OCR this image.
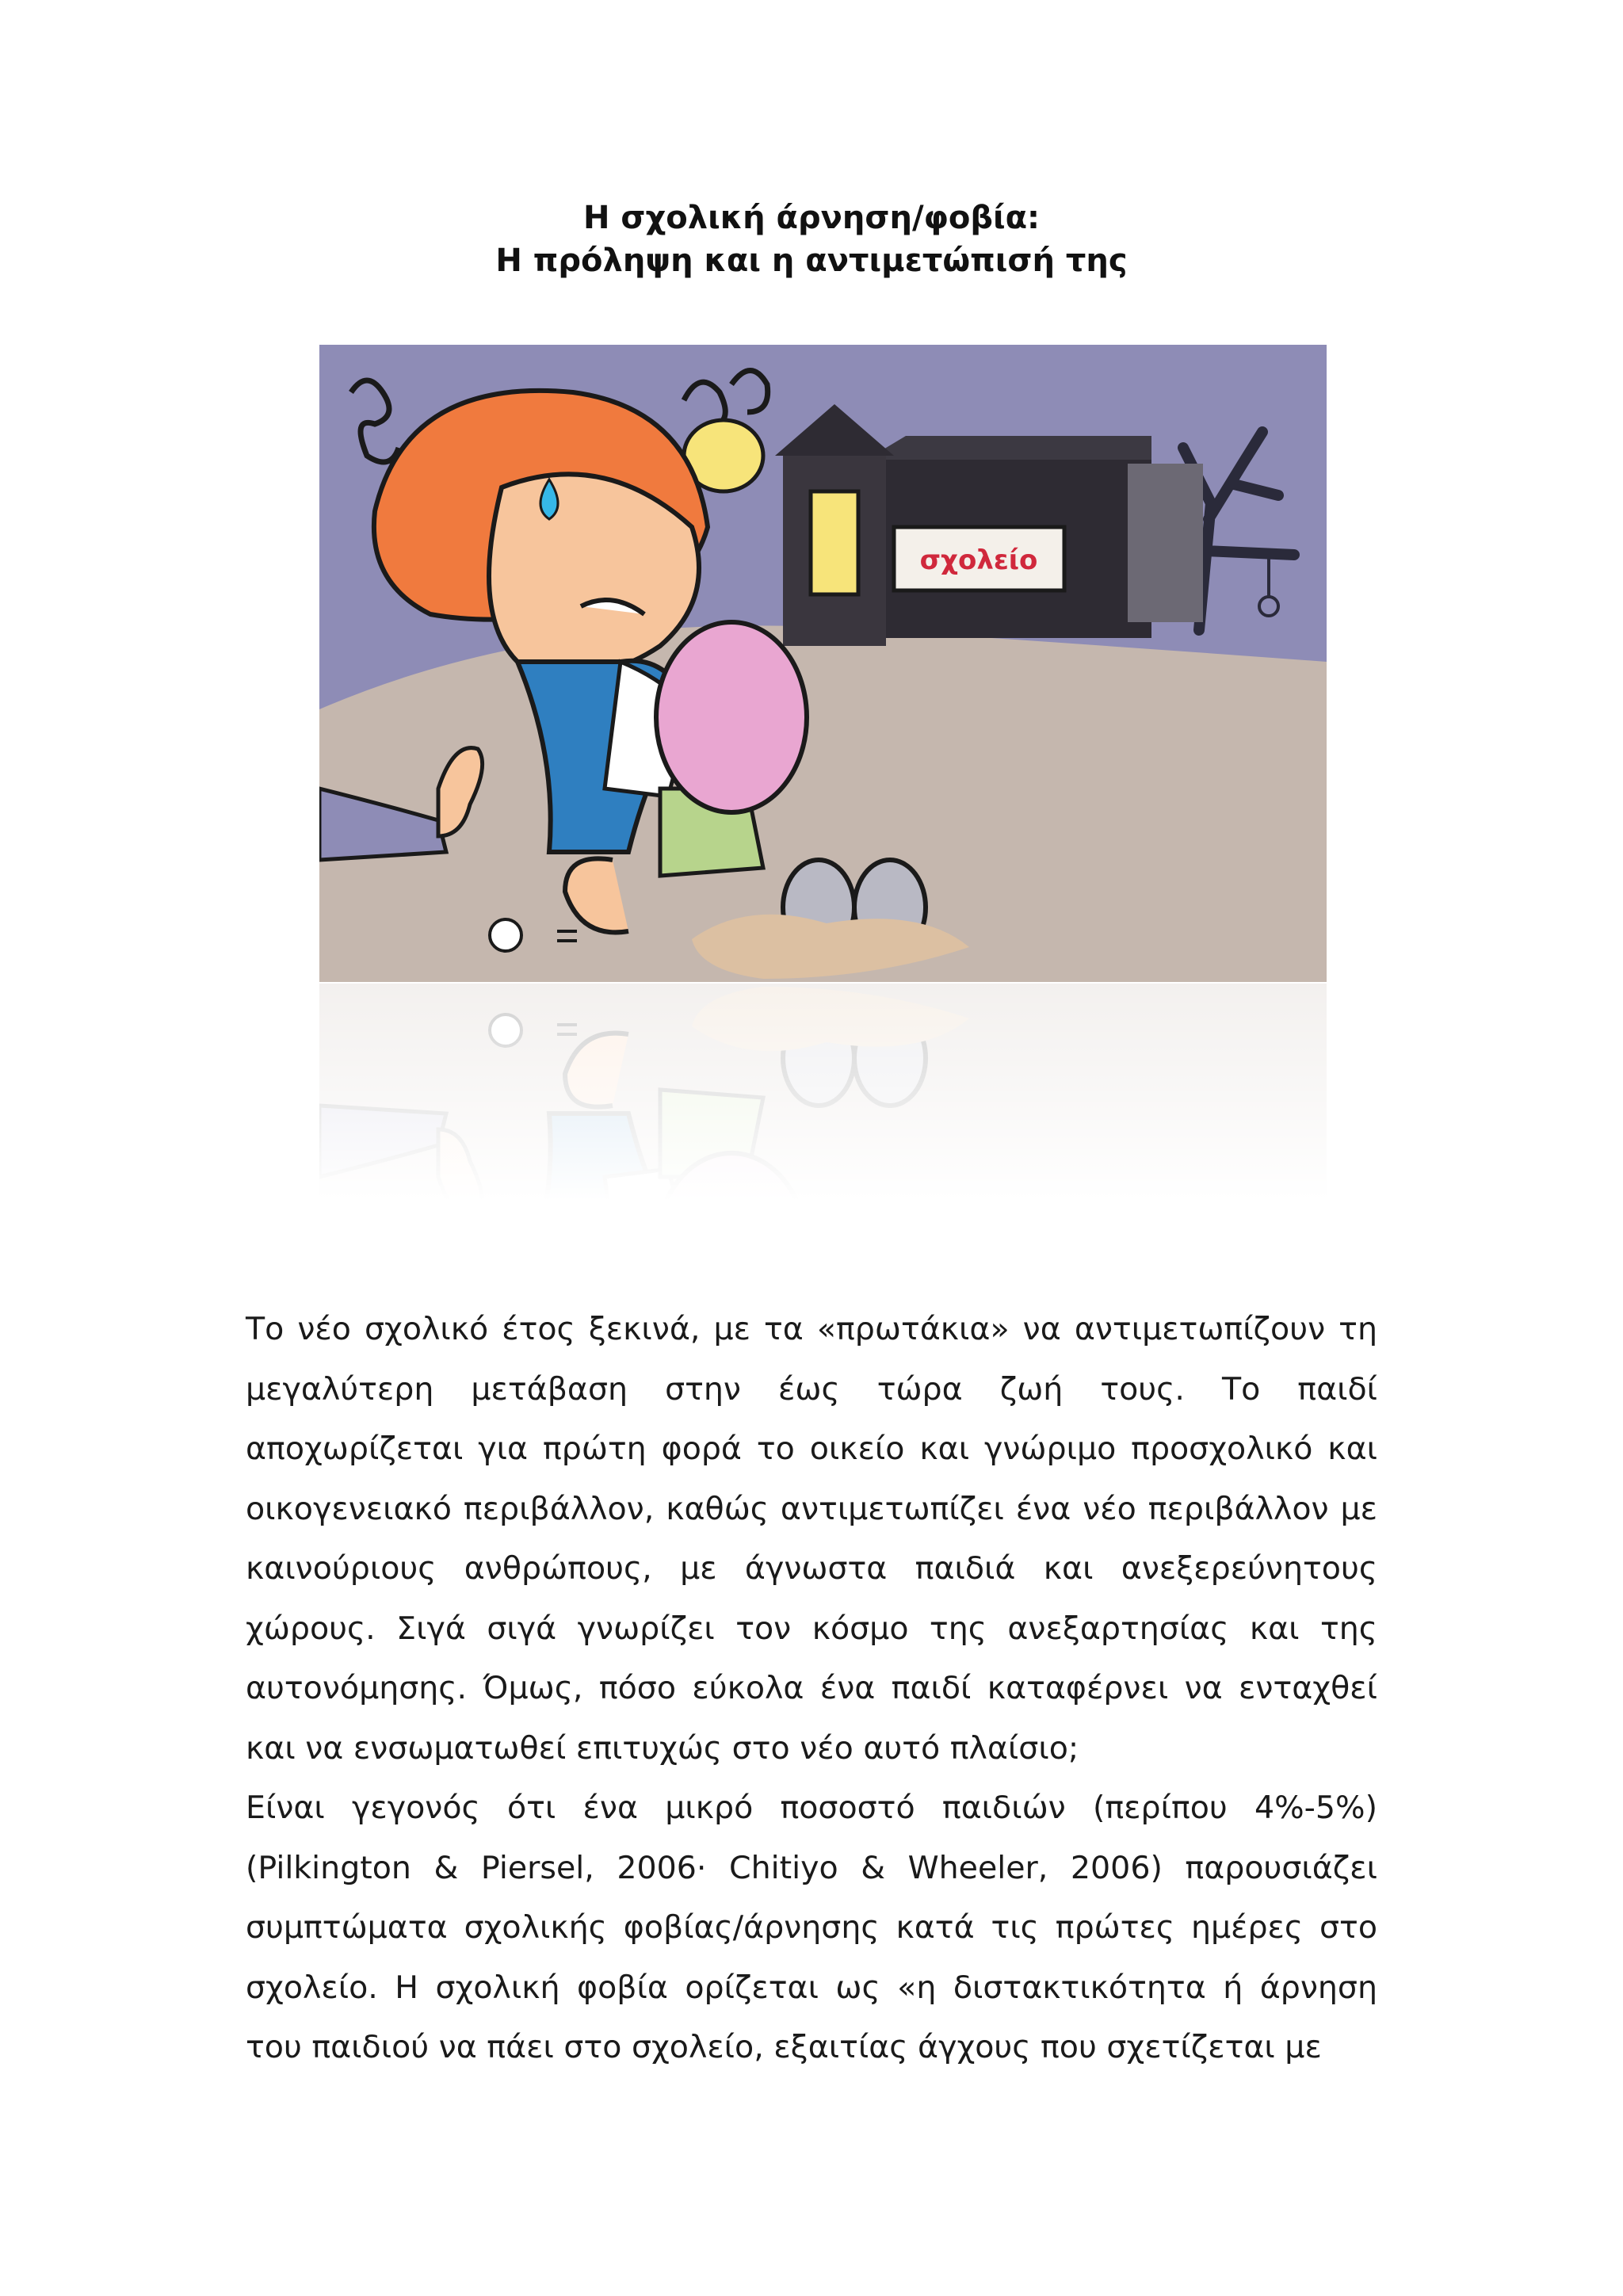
Η σχολική άρνηση/φοβία:
Η πρόληψη και η αντιμετώπισή της
σχολείο

Το νέο σχολικό έτος ξεκινά, με τα «πρωτάκια» να αντιμετωπίζουν τη μεγαλύτερη μετάβαση στην έως τώρα ζωή τους. Το παιδί αποχωρίζεται για πρώτη φορά το οικείο και γνώριμο προσχολικό και οικογενειακό περιβάλλον, καθώς αντιμετωπίζει ένα νέο περιβάλλον με καινούριους ανθρώπους, με άγνωστα παιδιά και ανεξερεύνητους χώρους. Σιγά σιγά γνωρίζει τον κόσμο της ανεξαρτησίας και της αυτονόμησης. Όμως, πόσο εύκολα ένα παιδί καταφέρνει να ενταχθεί και να ενσωματωθεί επιτυχώς στο νέο αυτό πλαίσιο;

Είναι γεγονός ότι ένα μικρό ποσοστό παιδιών (περίπου 4%-5%) (Pilkington & Piersel, 2006· Chitiyo & Wheeler, 2006) παρουσιάζει συμπτώματα σχολικής φοβίας/άρνησης κατά τις πρώτες ημέρες στο σχολείο. Η σχολική φοβία ορίζεται ως «η διστακτικότητα ή άρνηση του παιδιού να πάει στο σχολείο, εξαιτίας άγχους που σχετίζεται με
